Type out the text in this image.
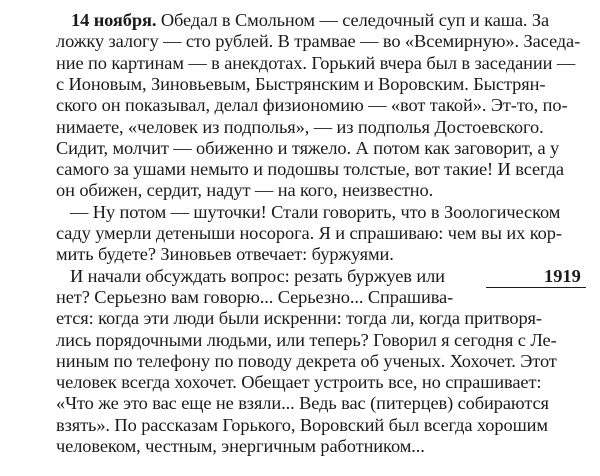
14 ноября. Обедал в Смольном — селедочный суп и каша. За
ложку залогу — сто рублей. В трамвае — во «Всемирную». Заседа-
ние по картинам — в анекдотах. Горький вчера был в заседании —
с Ионовым, Зиновьевым, Быстрянским и Воровским. Быстрян-
ского он показывал, делал физиономию — «вот такой». Эт-то, по-
нимаете, «человек из подполья», — из подполья Достоевского.
Сидит, молчит — обиженно и тяжело. А потом как заговорит, а у
самого за ушами немыто и подошвы толстые, вот такие! И всегда
он обижен, сердит, надут — на кого, неизвестно.
— Ну потом — шуточки! Стали говорить, что в Зоологическом
саду умерли детеныши носорога. Я и спрашиваю: чем вы их кор-
мить будете? Зиновьев отвечает: буржуями.
И начали обсуждать вопрос: резать буржуев или
нет? Серьезно вам говорю... Серьезно... Спрашива-
ется: когда эти люди были искренни: тогда ли, когда притворя-
лись порядочными людьми, или теперь? Говорил я сегодня с Ле-
ниным по телефону по поводу декрета об ученых. Хохочет. Этот
человек всегда хохочет. Обещает устроить все, но спрашивает:
1919
«Что же это вас еще не взяли... Ведь вас (питерцев) собираются
взять». По рассказам Горького, Воровский был всегда хорошим
человеком, честным, энергичным работником...
